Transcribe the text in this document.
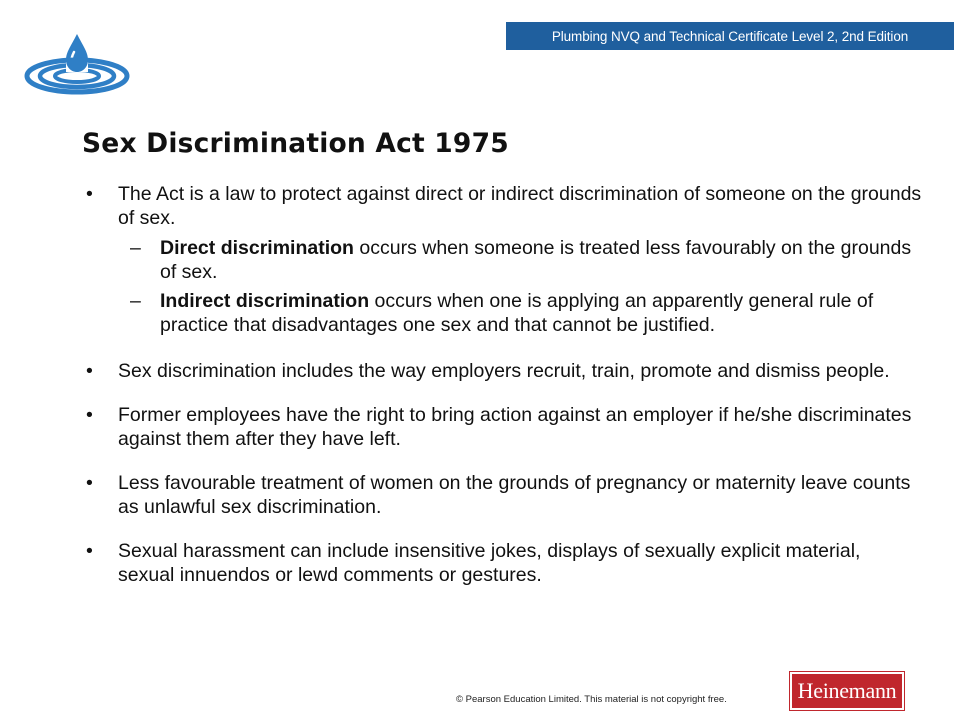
Plumbing NVQ and Technical Certificate Level 2, 2nd Edition
Sex Discrimination Act 1975

• The Act is a law to protect against direct or indirect discrimination of someone on the grounds of sex.

– Direct discrimination occurs when someone is treated less favourably on the grounds of sex.

– Indirect discrimination occurs when one is applying an apparently general rule of practice that disadvantages one sex and that cannot be justified.

• Sex discrimination includes the way employers recruit, train, promote and dismiss people.

• Former employees have the right to bring action against an employer if he/she discriminates against them after they have left.

• Less favourable treatment of women on the grounds of pregnancy or maternity leave counts as unlawful sex discrimination.

• Sexual harassment can include insensitive jokes, displays of sexually explicit material, sexual innuendos or lewd comments or gestures.

© Pearson Education Limited. This material is not copyright free.	Heinemann
